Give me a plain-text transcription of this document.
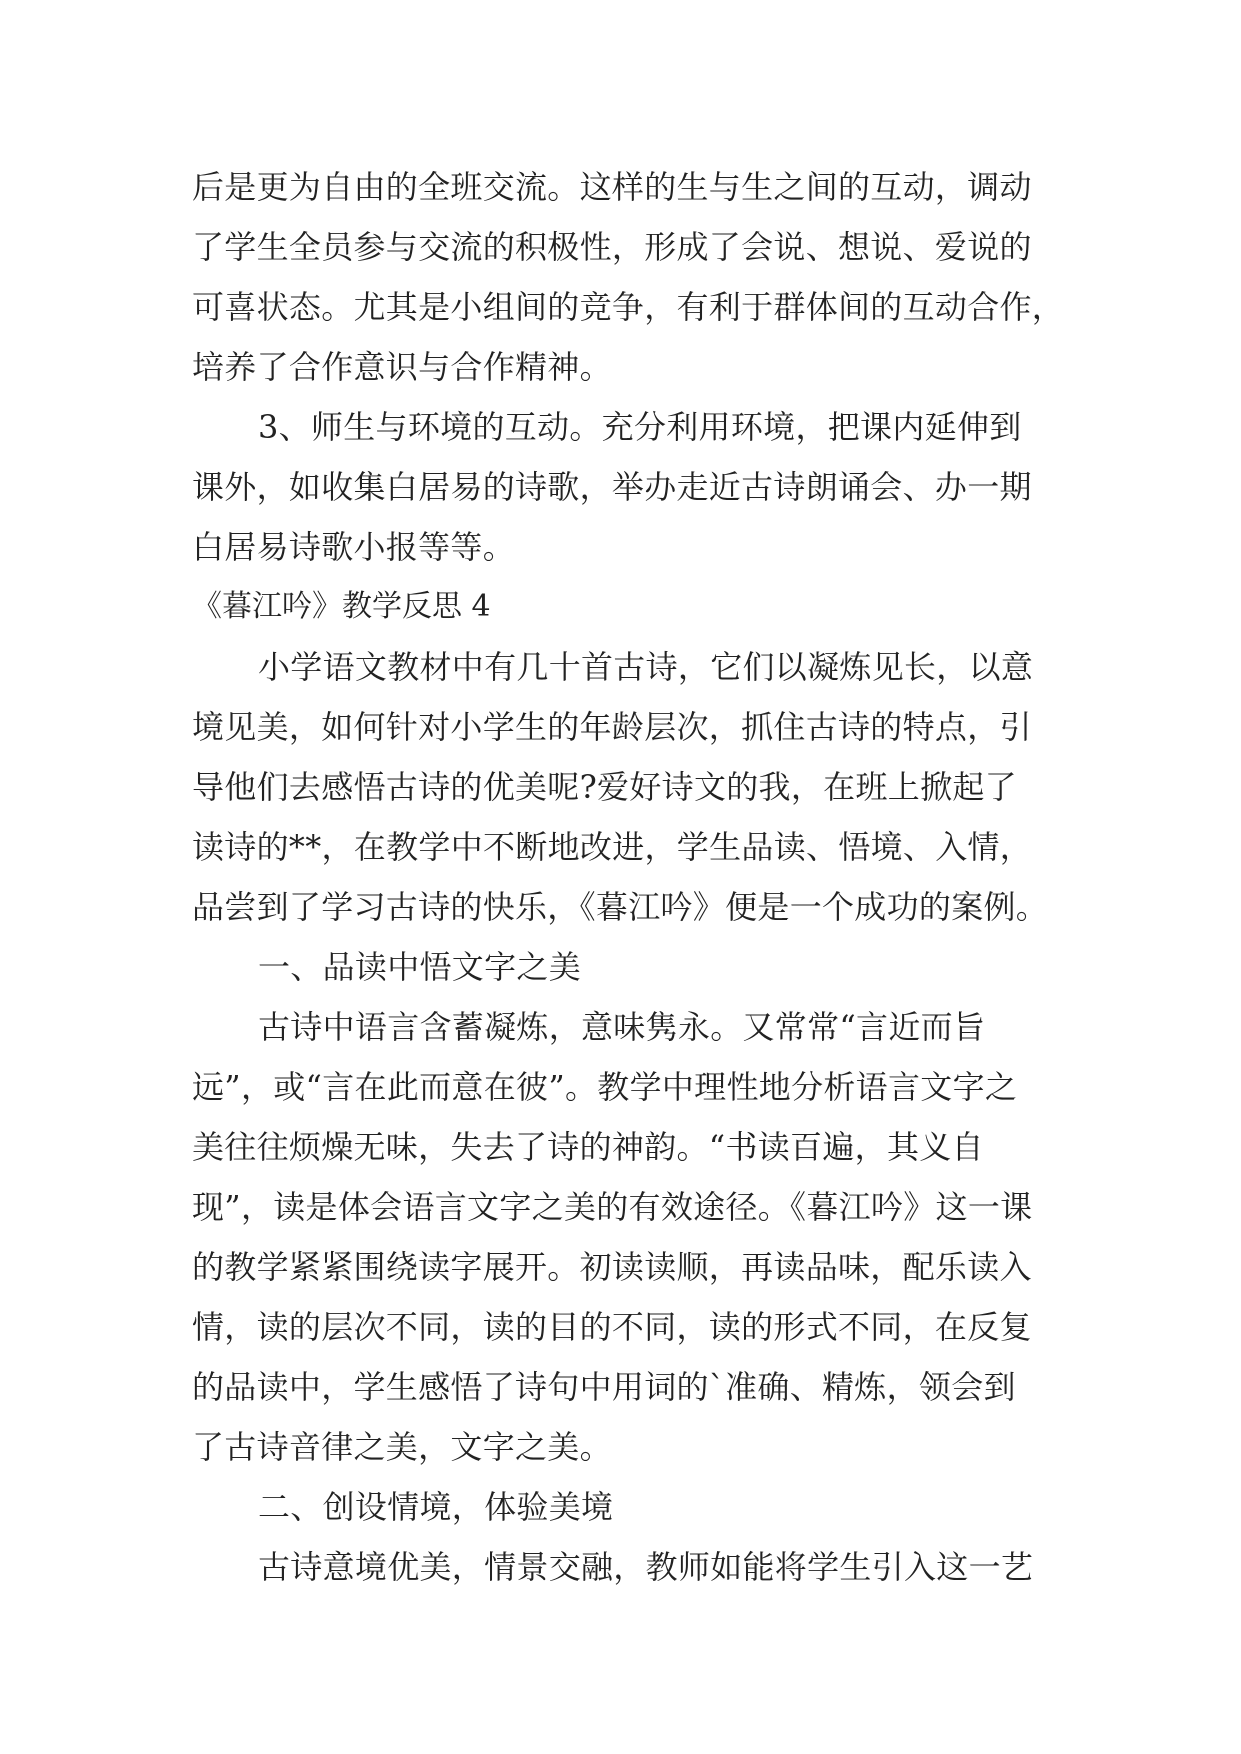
后是更为自由的全班交流。这样的生与生之间的互动，调动
了学生全员参与交流的积极性，形成了会说、想说、爱说的
可喜状态。尤其是小组间的竞争，有利于群体间的互动合作，
培养了合作意识与合作精神。
3、师生与环境的互动。充分利用环境，把课内延伸到
课外，如收集白居易的诗歌，举办走近古诗朗诵会、办一期
白居易诗歌小报等等。
《暮江吟》教学反思 4
小学语文教材中有几十首古诗，它们以凝炼见长，以意
境见美，如何针对小学生的年龄层次，抓住古诗的特点，引
导他们去感悟古诗的优美呢?爱好诗文的我，在班上掀起了
读诗的**，在教学中不断地改进，学生品读、悟境、入情，
品尝到了学习古诗的快乐，《暮江吟》便是一个成功的案例。
一、品读中悟文字之美
古诗中语言含蓄凝炼，意味隽永。又常常“言近而旨
远”，或“言在此而意在彼”。教学中理性地分析语言文字之
美往往烦燥无味，失去了诗的神韵。“书读百遍，其义自
现”，读是体会语言文字之美的有效途径。《暮江吟》这一课
的教学紧紧围绕读字展开。初读读顺，再读品味，配乐读入
情，读的层次不同，读的目的不同，读的形式不同，在反复
的品读中，学生感悟了诗句中用词的`准确、精炼，领会到
了古诗音律之美，文字之美。
二、创设情境，体验美境
古诗意境优美，情景交融，教师如能将学生引入这一艺
